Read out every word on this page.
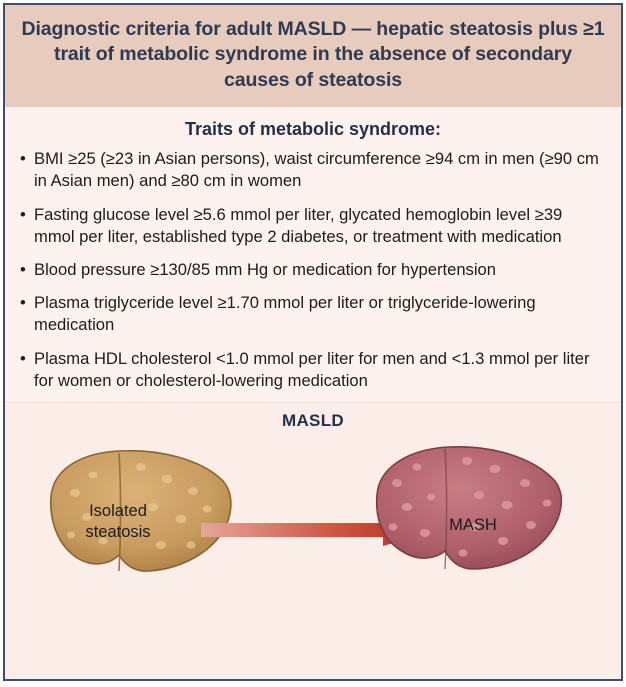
Diagnostic criteria for adult MASLD — hepatic steatosis plus ≥1 trait of metabolic syndrome in the absence of secondary causes of steatosis
Traits of metabolic syndrome:
• BMI ≥25 (≥23 in Asian persons), waist circumference ≥94 cm in men (≥90 cm in Asian men) and ≥80 cm in women
• Fasting glucose level ≥5.6 mmol per liter, glycated hemoglobin level ≥39 mmol per liter, established type 2 diabetes, or treatment with medication
• Blood pressure ≥130/85 mm Hg or medication for hypertension
• Plasma triglyceride level ≥1.70 mmol per liter or triglyceride-lowering medication
• Plasma HDL cholesterol <1.0 mmol per liter for men and <1.3 mmol per liter for women or cholesterol-lowering medication
MASLD
Isolated
steatosis	MASH
